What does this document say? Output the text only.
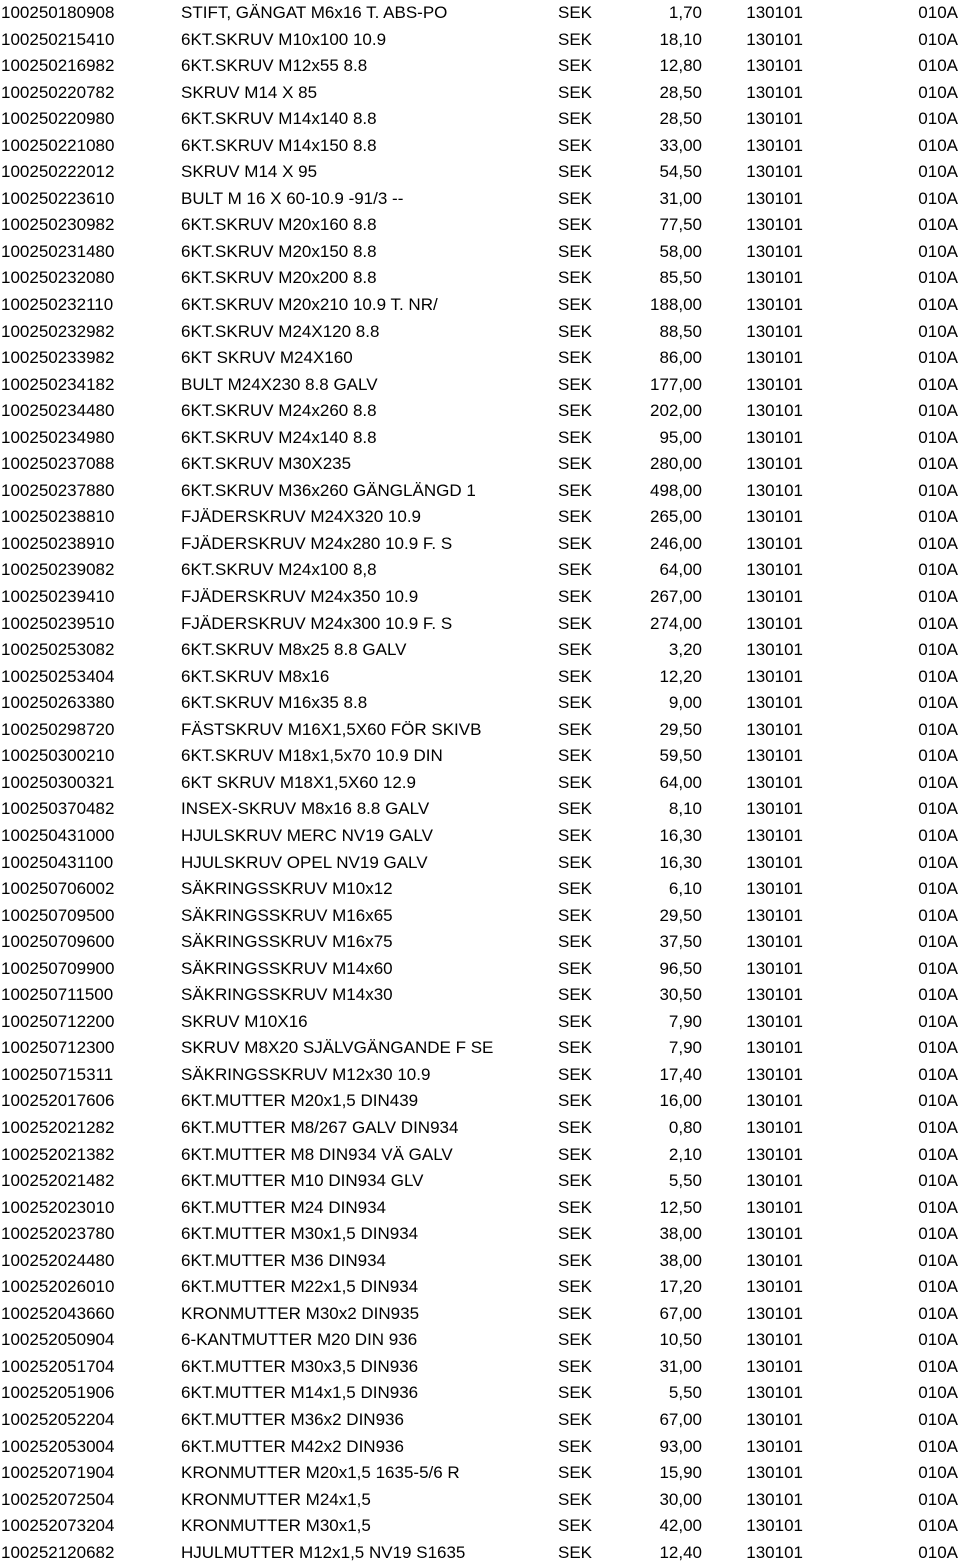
100250180908	STIFT, GÄNGAT M6x16 T. ABS-PO	SEK	1,70	130101	010A
100250215410	6KT.SKRUV M10x100 10.9	SEK	18,10	130101	010A
100250216982	6KT.SKRUV M12x55 8.8	SEK	12,80	130101	010A
100250220782	SKRUV M14 X 85	SEK	28,50	130101	010A
100250220980	6KT.SKRUV M14x140 8.8	SEK	28,50	130101	010A
100250221080	6KT.SKRUV M14x150 8.8	SEK	33,00	130101	010A
100250222012	SKRUV M14 X 95	SEK	54,50	130101	010A
100250223610	BULT M 16 X 60-10.9 -91/3 --	SEK	31,00	130101	010A
100250230982	6KT.SKRUV M20x160 8.8	SEK	77,50	130101	010A
100250231480	6KT.SKRUV M20x150 8.8	SEK	58,00	130101	010A
100250232080	6KT.SKRUV M20x200 8.8	SEK	85,50	130101	010A
100250232110	6KT.SKRUV M20x210 10.9 T. NR/	SEK	188,00	130101	010A
100250232982	6KT.SKRUV M24X120 8.8	SEK	88,50	130101	010A
100250233982	6KT SKRUV M24X160	SEK	86,00	130101	010A
100250234182	BULT M24X230 8.8 GALV	SEK	177,00	130101	010A
100250234480	6KT.SKRUV M24x260 8.8	SEK	202,00	130101	010A
100250234980	6KT.SKRUV M24x140 8.8	SEK	95,00	130101	010A
100250237088	6KT.SKRUV M30X235	SEK	280,00	130101	010A
100250237880	6KT.SKRUV M36x260 GÄNGLÄNGD 1	SEK	498,00	130101	010A
100250238810	FJÄDERSKRUV M24X320 10.9	SEK	265,00	130101	010A
100250238910	FJÄDERSKRUV M24x280 10.9 F. S	SEK	246,00	130101	010A
100250239082	6KT.SKRUV M24x100 8,8	SEK	64,00	130101	010A
100250239410	FJÄDERSKRUV M24x350 10.9	SEK	267,00	130101	010A
100250239510	FJÄDERSKRUV M24x300 10.9 F. S	SEK	274,00	130101	010A
100250253082	6KT.SKRUV M8x25 8.8 GALV	SEK	3,20	130101	010A
100250253404	6KT.SKRUV M8x16	SEK	12,20	130101	010A
100250263380	6KT.SKRUV M16x35 8.8	SEK	9,00	130101	010A
100250298720	FÄSTSKRUV M16X1,5X60 FÖR SKIVB	SEK	29,50	130101	010A
100250300210	6KT.SKRUV M18x1,5x70 10.9 DIN	SEK	59,50	130101	010A
100250300321	6KT SKRUV M18X1,5X60 12.9	SEK	64,00	130101	010A
100250370482	INSEX-SKRUV M8x16 8.8 GALV	SEK	8,10	130101	010A
100250431000	HJULSKRUV MERC NV19 GALV	SEK	16,30	130101	010A
100250431100	HJULSKRUV OPEL NV19 GALV	SEK	16,30	130101	010A
100250706002	SÄKRINGSSKRUV M10x12	SEK	6,10	130101	010A
100250709500	SÄKRINGSSKRUV M16x65	SEK	29,50	130101	010A
100250709600	SÄKRINGSSKRUV M16x75	SEK	37,50	130101	010A
100250709900	SÄKRINGSSKRUV M14x60	SEK	96,50	130101	010A
100250711500	SÄKRINGSSKRUV M14x30	SEK	30,50	130101	010A
100250712200	SKRUV M10X16	SEK	7,90	130101	010A
100250712300	SKRUV M8X20 SJÄLVGÄNGANDE F SE	SEK	7,90	130101	010A
100250715311	SÄKRINGSSKRUV M12x30 10.9	SEK	17,40	130101	010A
100252017606	6KT.MUTTER M20x1,5 DIN439	SEK	16,00	130101	010A
100252021282	6KT.MUTTER M8/267 GALV DIN934	SEK	0,80	130101	010A
100252021382	6KT.MUTTER M8 DIN934 VÄ GALV	SEK	2,10	130101	010A
100252021482	6KT.MUTTER M10 DIN934 GLV	SEK	5,50	130101	010A
100252023010	6KT.MUTTER M24 DIN934	SEK	12,50	130101	010A
100252023780	6KT.MUTTER M30x1,5 DIN934	SEK	38,00	130101	010A
100252024480	6KT.MUTTER M36 DIN934	SEK	38,00	130101	010A
100252026010	6KT.MUTTER M22x1,5 DIN934	SEK	17,20	130101	010A
100252043660	KRONMUTTER M30x2 DIN935	SEK	67,00	130101	010A
100252050904	6-KANTMUTTER M20 DIN 936	SEK	10,50	130101	010A
100252051704	6KT.MUTTER M30x3,5 DIN936	SEK	31,00	130101	010A
100252051906	6KT.MUTTER M14x1,5 DIN936	SEK	5,50	130101	010A
100252052204	6KT.MUTTER M36x2 DIN936	SEK	67,00	130101	010A
100252053004	6KT.MUTTER M42x2 DIN936	SEK	93,00	130101	010A
100252071904	KRONMUTTER M20x1,5 1635-5/6 R	SEK	15,90	130101	010A
100252072504	KRONMUTTER M24x1,5	SEK	30,00	130101	010A
100252073204	KRONMUTTER M30x1,5	SEK	42,00	130101	010A
100252120682	HJULMUTTER M12x1,5 NV19 S1635	SEK	12,40	130101	010A
